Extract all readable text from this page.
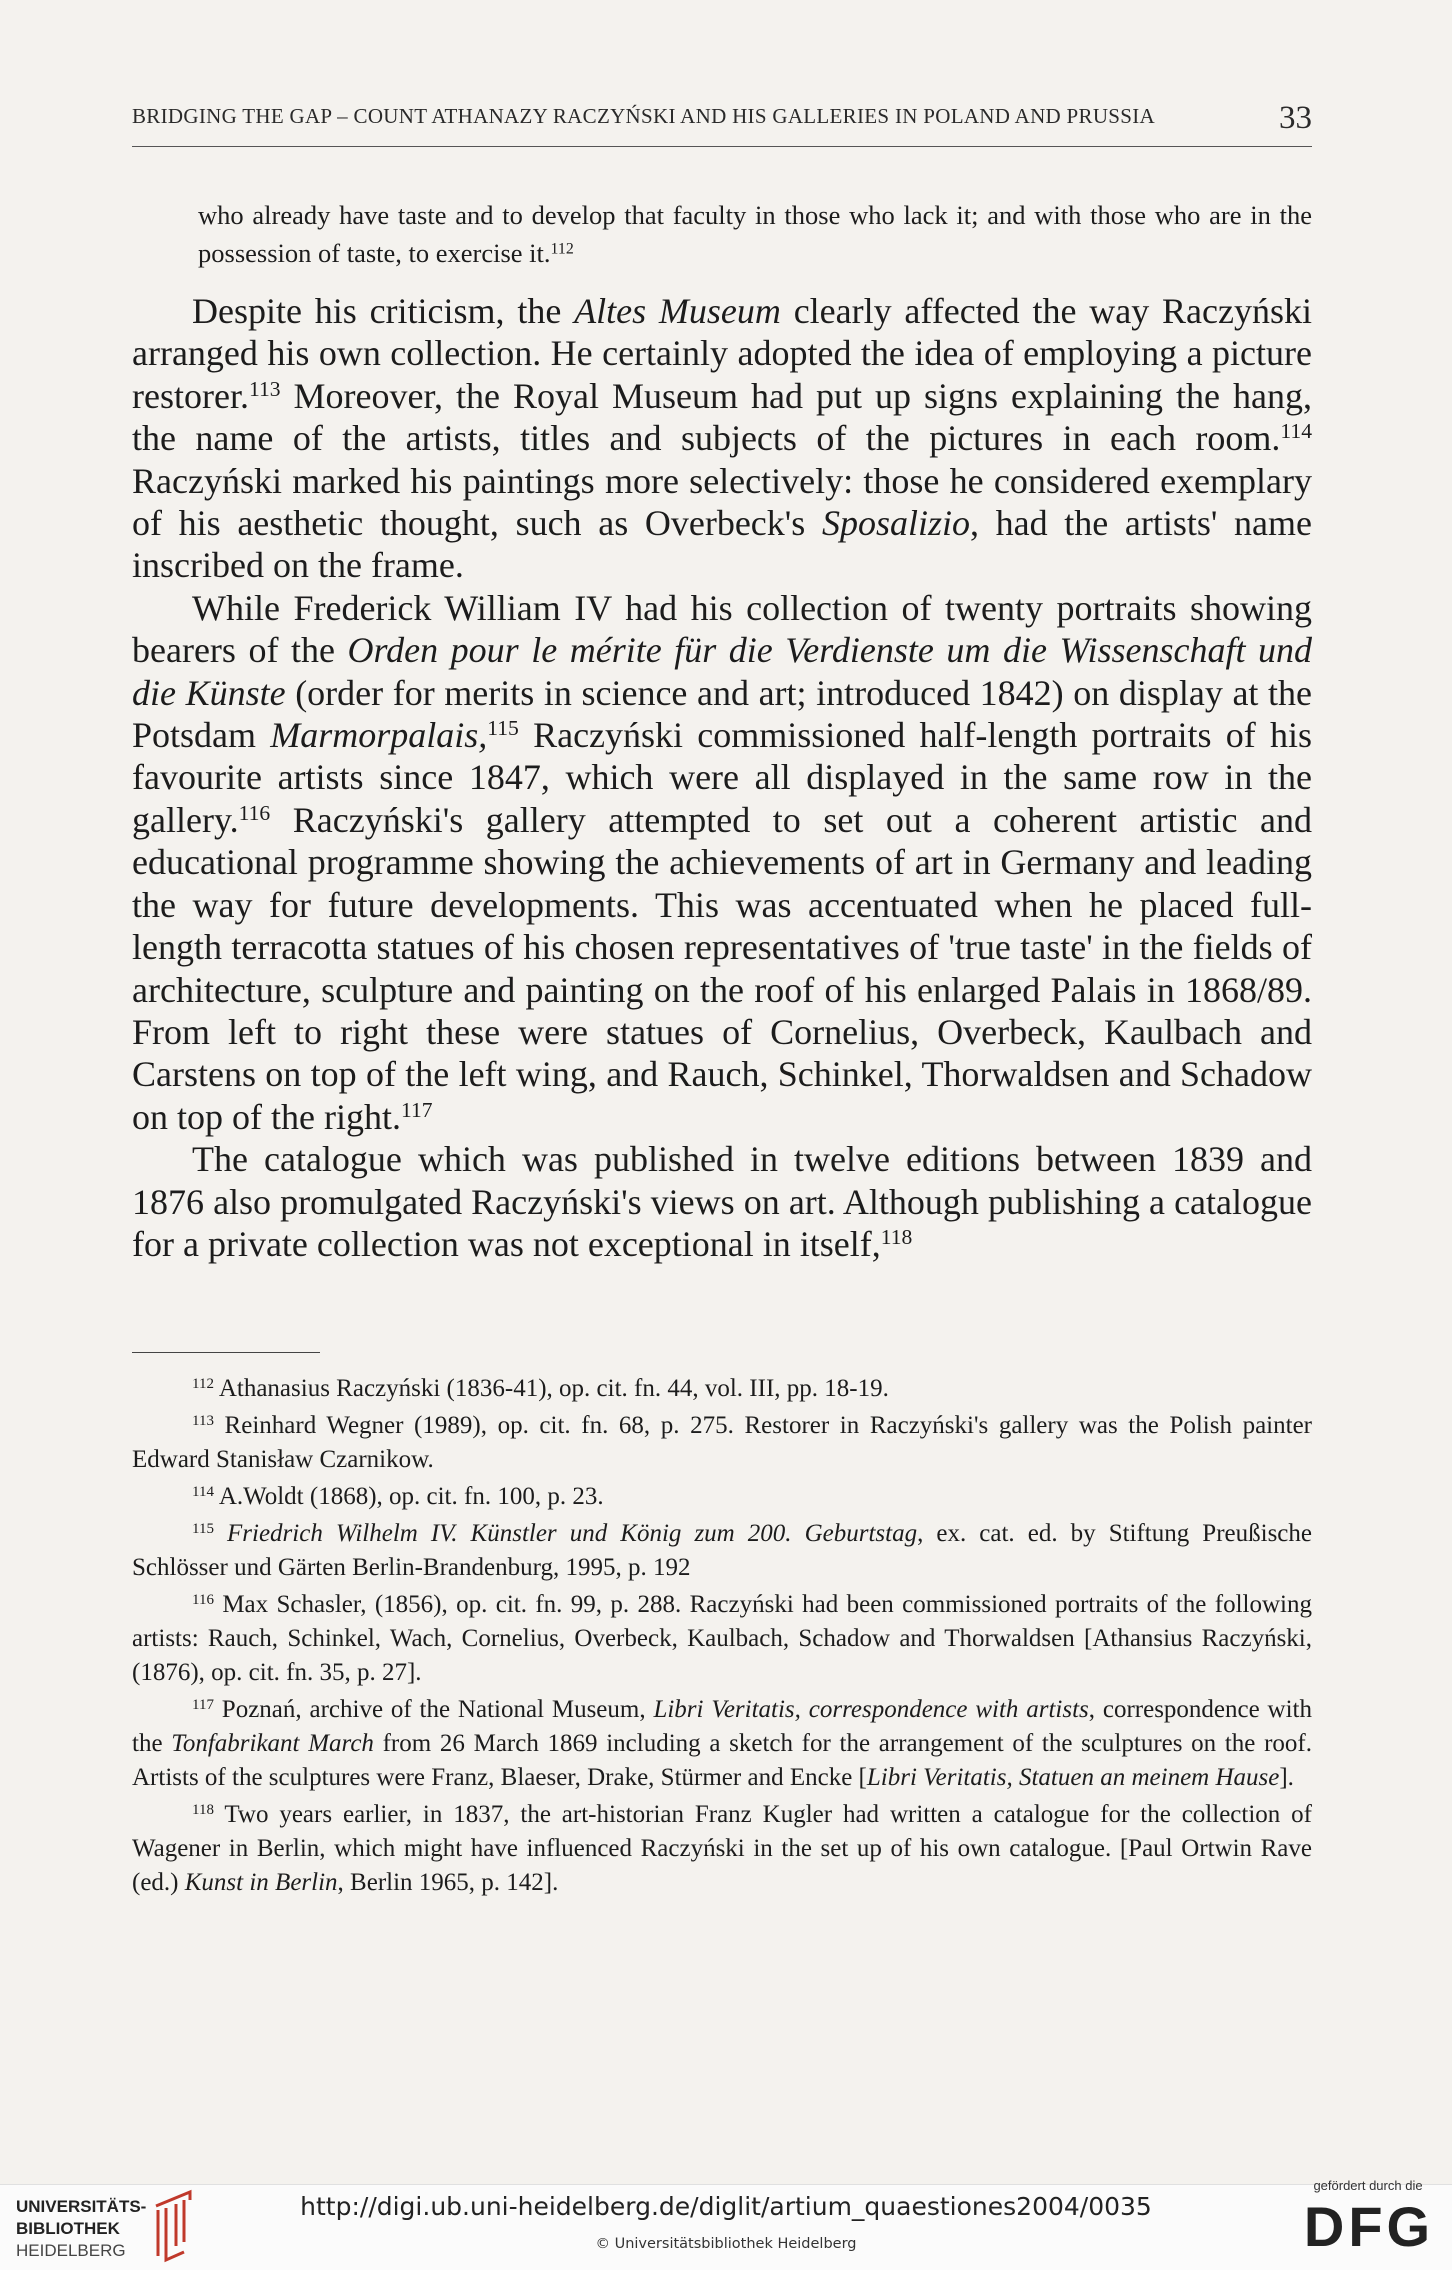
BRIDGING THE GAP – COUNT ATHANAZY RACZYŃSKI AND HIS GALLERIES IN POLAND AND PRUSSIA	33

who already have taste and to develop that faculty in those who lack it; and with those who are in the possession of taste, to exercise it.$^{112}$

Despite his criticism, the Altes Museum clearly affected the way Raczyński arranged his own collection. He certainly adopted the idea of employing a picture restorer.$^{113}$ Moreover, the Royal Museum had put up signs explaining the hang, the name of the artists, titles and subjects of the pictures in each room.$^{114}$ Raczyński marked his paintings more selectively: those he considered exemplary of his aesthetic thought, such as Overbeck's Sposalizio, had the artists' name inscribed on the frame.

While Frederick William IV had his collection of twenty portraits showing bearers of the Orden pour le mérite für die Verdienste um die Wissenschaft und die Künste (order for merits in science and art; introduced 1842) on display at the Potsdam Marmorpalais,$^{115}$ Raczyński commissioned half-length portraits of his favourite artists since 1847, which were all displayed in the same row in the gallery.$^{116}$ Raczyński's gallery attempted to set out a coherent artistic and educational programme showing the achievements of art in Germany and leading the way for future developments. This was accentuated when he placed full-length terracotta statues of his chosen representatives of 'true taste' in the fields of architecture, sculpture and painting on the roof of his enlarged Palais in 1868/89. From left to right these were statues of Cornelius, Overbeck, Kaulbach and Carstens on top of the left wing, and Rauch, Schinkel, Thorwaldsen and Schadow on top of the right.$^{117}$

The catalogue which was published in twelve editions between 1839 and 1876 also promulgated Raczyński's views on art. Although publishing a catalogue for a private collection was not exceptional in itself,$^{118}$

$^{112}$ Athanasius Raczyński (1836-41), op. cit. fn. 44, vol. III, pp. 18-19.

$^{113}$ Reinhard Wegner (1989), op. cit. fn. 68, p. 275. Restorer in Raczyński's gallery was the Polish painter Edward Stanisław Czarnikow.

$^{114}$ A.Woldt (1868), op. cit. fn. 100, p. 23.

$^{115}$ Friedrich Wilhelm IV. Künstler und König zum 200. Geburtstag, ex. cat. ed. by Stiftung Preußische Schlösser und Gärten Berlin-Brandenburg, 1995, p. 192

$^{116}$ Max Schasler, (1856), op. cit. fn. 99, p. 288. Raczyński had been commissioned portraits of the following artists: Rauch, Schinkel, Wach, Cornelius, Overbeck, Kaulbach, Schadow and Thorwaldsen [Athansius Raczyński, (1876), op. cit. fn. 35, p. 27].

$^{117}$ Poznań, archive of the National Museum, Libri Veritatis, correspondence with artists, correspondence with the Tonfabrikant March from 26 March 1869 including a sketch for the arrangement of the sculptures on the roof. Artists of the sculptures were Franz, Blaeser, Drake, Stürmer and Encke [Libri Veritatis, Statuen an meinem Hause].

$^{118}$ Two years earlier, in 1837, the art-historian Franz Kugler had written a catalogue for the collection of Wagener in Berlin, which might have influenced Raczyński in the set up of his own catalogue. [Paul Ortwin Rave (ed.) Kunst in Berlin, Berlin 1965, p. 142].

UNIVERSITÄTS-
BIBLIOTHEK
HEIDELBERG
http://digi.ub.uni-heidelberg.de/diglit/artium_quaestiones2004/0035
© Universitätsbibliothek Heidelberg
gefördert durch die
DFG
